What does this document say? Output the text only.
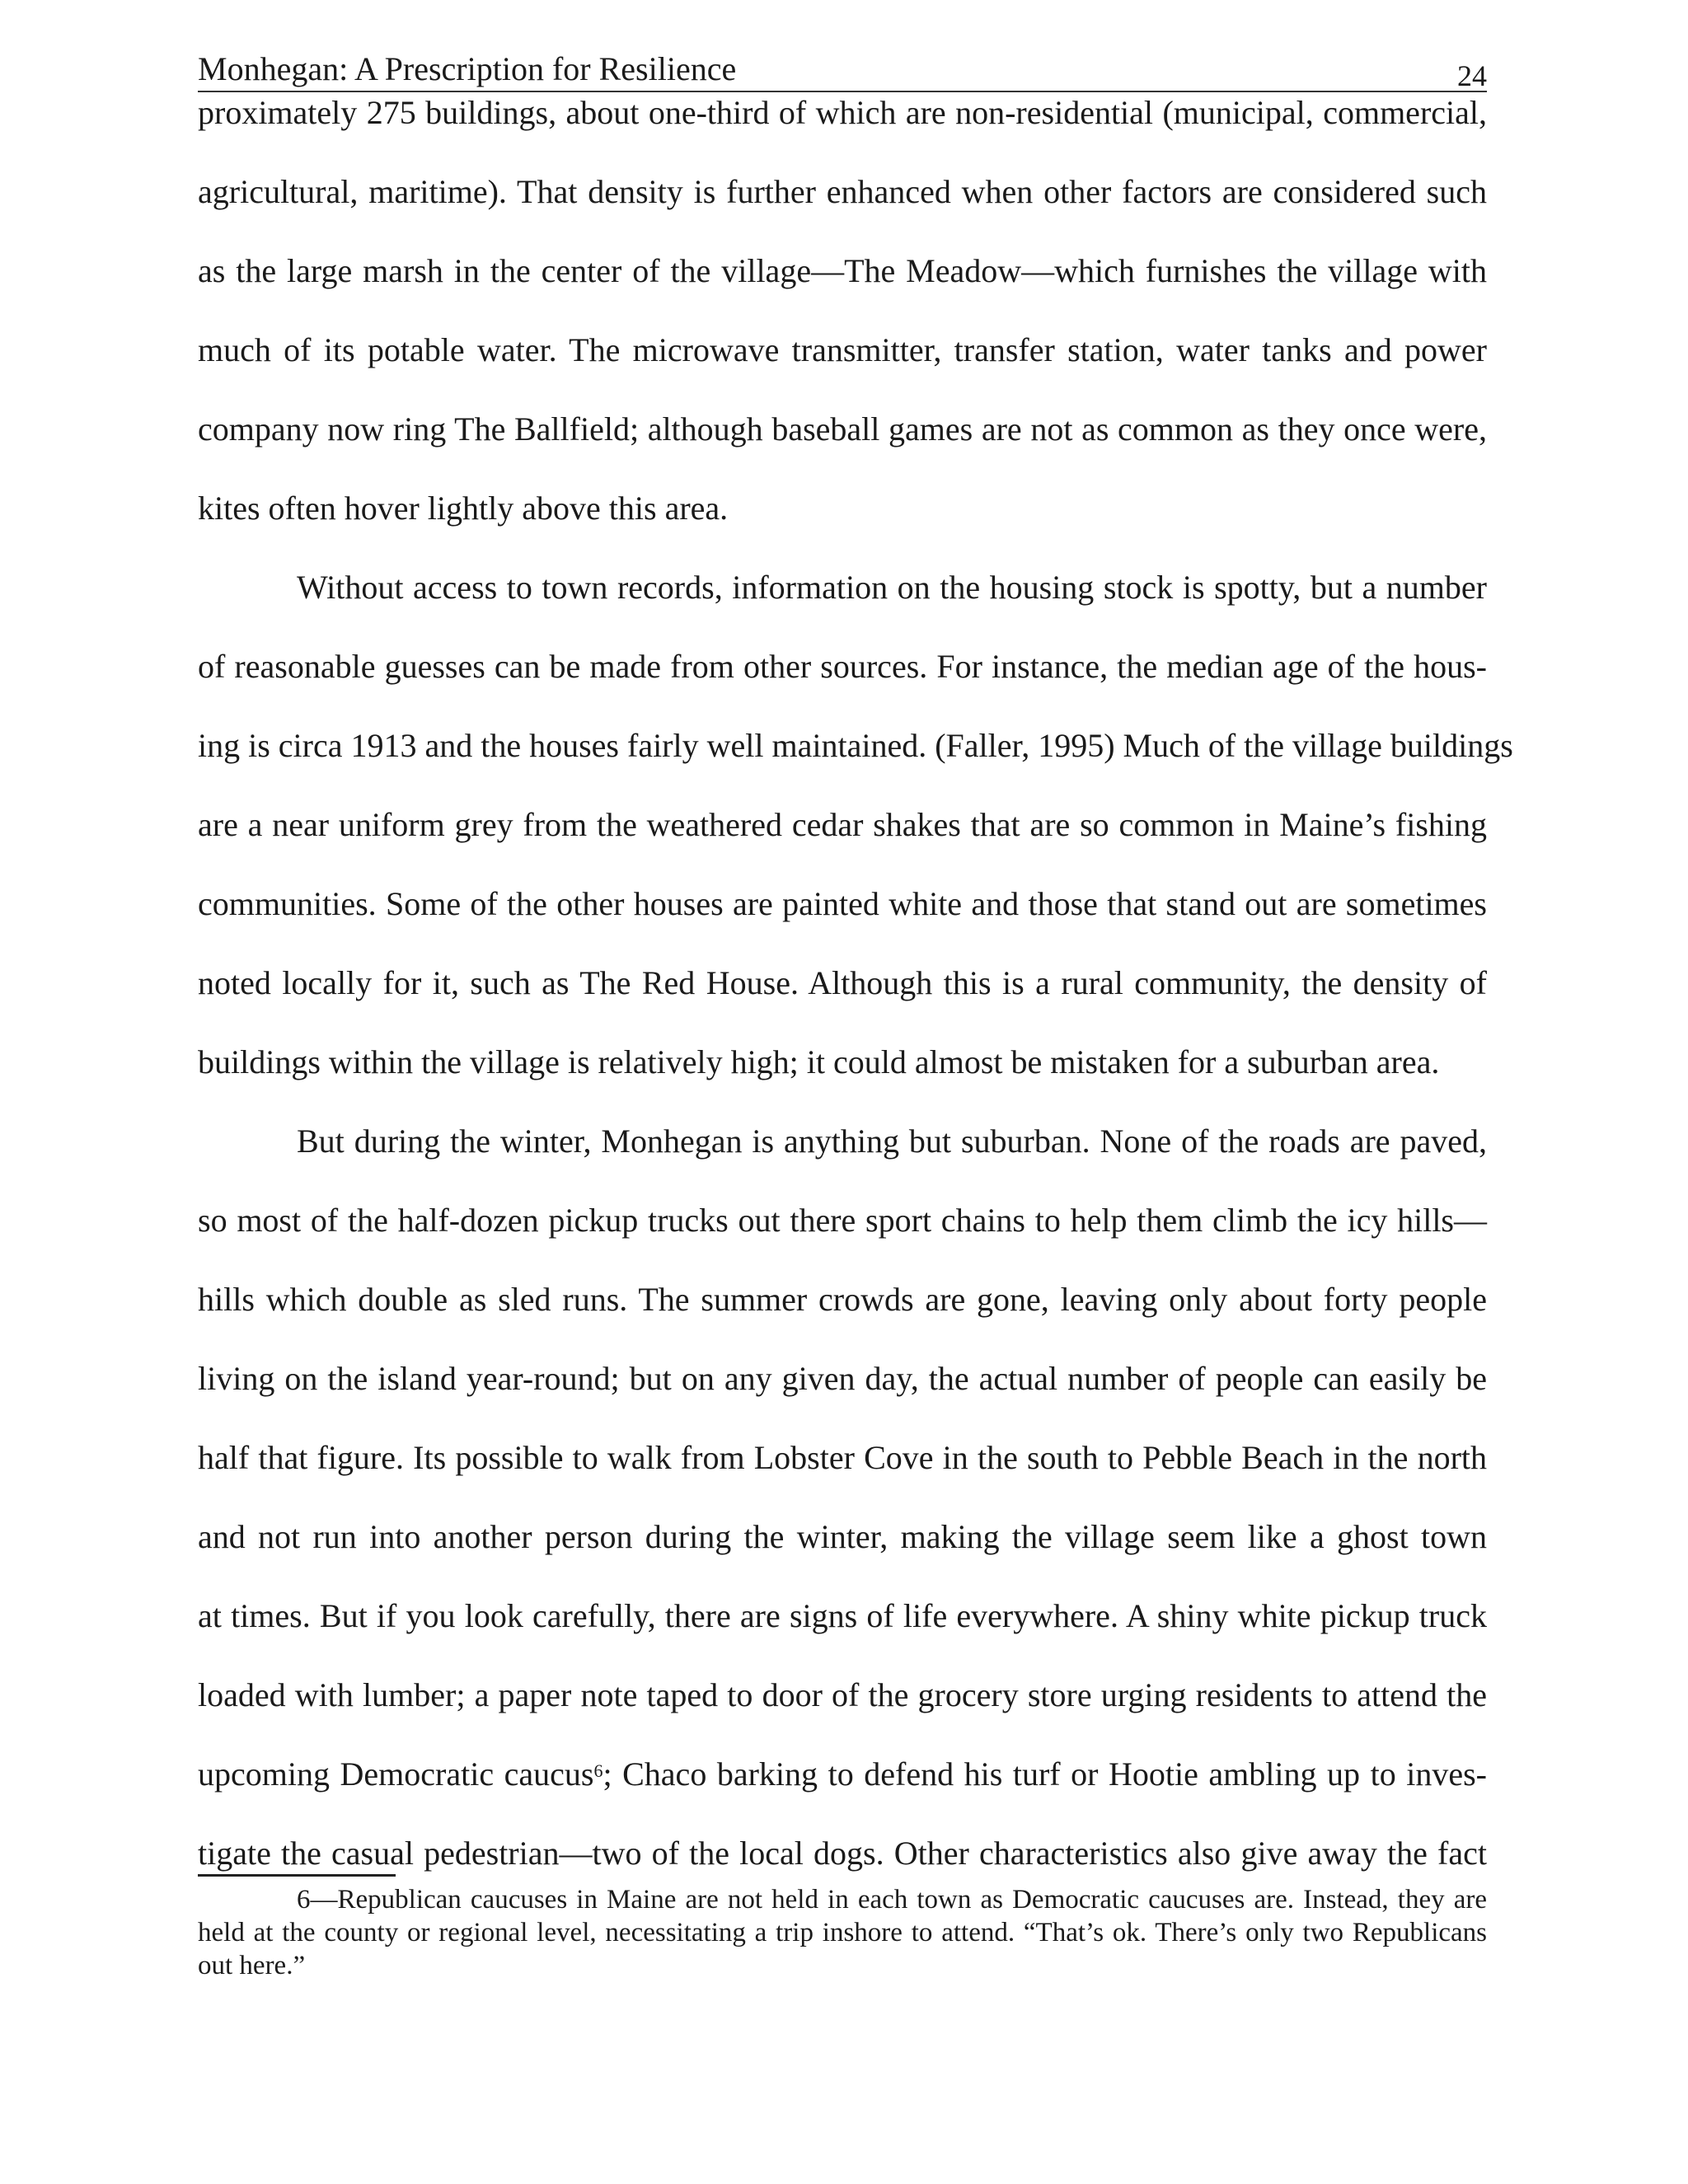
Monhegan: A Prescription for Resilience	24
proximately 275 buildings, about one-third of which are non-residential (municipal, commercial,
agricultural, maritime). That density is further enhanced when other factors are considered such
as the large marsh in the center of the village—The Meadow—which furnishes the village with
much of its potable water. The microwave transmitter, transfer station, water tanks and power
company now ring The Ballfield; although baseball games are not as common as they once were,
kites often hover lightly above this area.
Without access to town records, information on the housing stock is spotty, but a number
of reasonable guesses can be made from other sources. For instance, the median age of the hous-
ing is circa 1913 and the houses fairly well maintained. (Faller, 1995) Much of the village buildings
are a near uniform grey from the weathered cedar shakes that are so common in Maine’s fishing
communities. Some of the other houses are painted white and those that stand out are sometimes
noted locally for it, such as The Red House. Although this is a rural community, the density of
buildings within the village is relatively high; it could almost be mistaken for a suburban area.
But during the winter, Monhegan is anything but suburban. None of the roads are paved,
so most of the half-dozen pickup trucks out there sport chains to help them climb the icy hills—
hills which double as sled runs. The summer crowds are gone, leaving only about forty people
living on the island year-round; but on any given day, the actual number of people can easily be
half that figure. Its possible to walk from Lobster Cove in the south to Pebble Beach in the north
and not run into another person during the winter, making the village seem like a ghost town
at times. But if you look carefully, there are signs of life everywhere. A shiny white pickup truck
loaded with lumber; a paper note taped to door of the grocery store urging residents to attend the
upcoming Democratic caucus$^6$; Chaco barking to defend his turf or Hootie ambling up to inves-
tigate the casual pedestrian—two of the local dogs. Other characteristics also give away the fact
6—Republican caucuses in Maine are not held in each town as Democratic caucuses are. Instead, they are
held at the county or regional level, necessitating a trip inshore to attend. “That’s ok. There’s only two Republicans
out here.”
